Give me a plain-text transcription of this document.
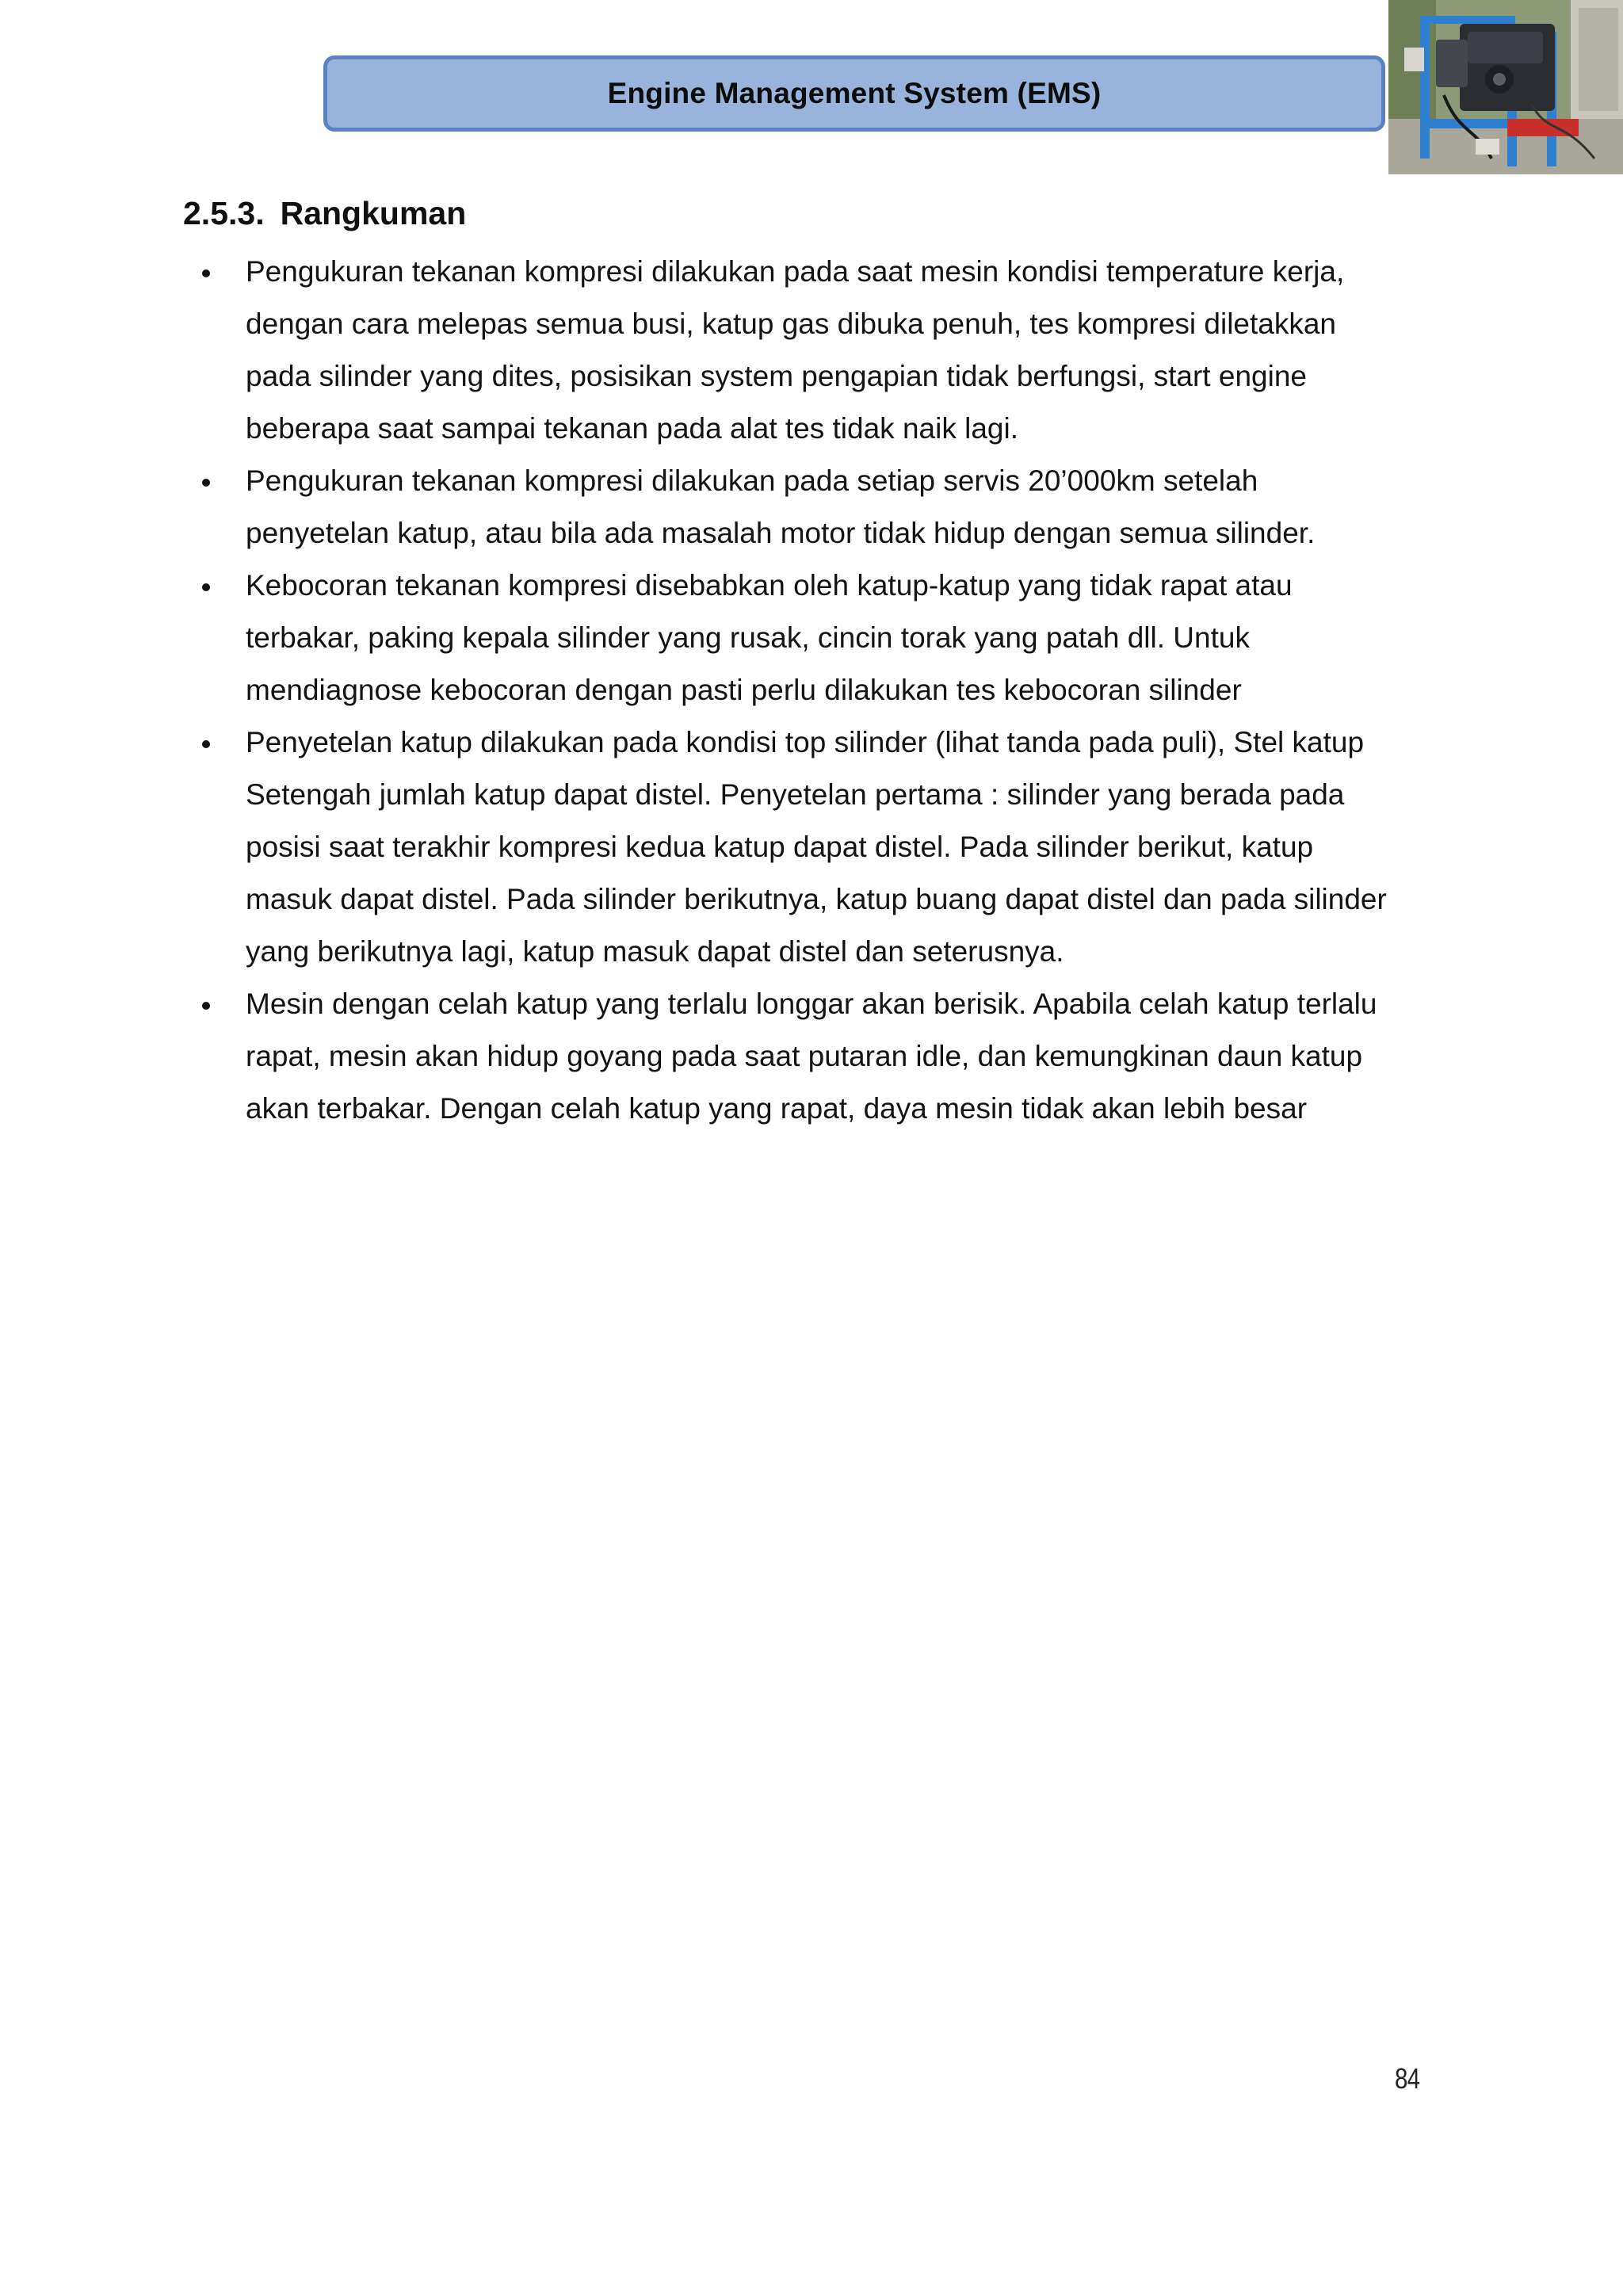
Engine Management System (EMS)
2.5.3. Rangkuman
Pengukuran tekanan kompresi dilakukan pada saat mesin kondisi temperature kerja,
dengan cara melepas semua busi, katup gas dibuka penuh, tes kompresi diletakkan
pada silinder yang dites, posisikan system pengapian tidak berfungsi, start engine
beberapa saat sampai tekanan pada alat tes tidak naik lagi.
Pengukuran tekanan kompresi dilakukan pada setiap servis 20’000km setelah
penyetelan katup, atau bila ada masalah motor tidak hidup dengan semua silinder.
Kebocoran tekanan kompresi disebabkan oleh katup-katup yang tidak rapat atau
terbakar, paking kepala silinder yang rusak, cincin torak yang patah dll. Untuk
mendiagnose kebocoran dengan pasti perlu dilakukan tes kebocoran silinder
Penyetelan katup dilakukan pada kondisi top silinder (lihat tanda pada puli), Stel katup
Setengah jumlah katup dapat distel. Penyetelan pertama : silinder yang berada pada
posisi saat terakhir kompresi kedua katup dapat distel. Pada silinder berikut, katup
masuk dapat distel. Pada silinder berikutnya, katup buang dapat distel dan pada silinder
yang berikutnya lagi, katup masuk dapat distel dan seterusnya.
Mesin dengan celah katup yang terlalu longgar akan berisik. Apabila celah katup terlalu
rapat, mesin akan hidup goyang pada saat putaran idle, dan kemungkinan daun katup
akan terbakar. Dengan celah katup yang rapat, daya mesin tidak akan lebih besar
84
